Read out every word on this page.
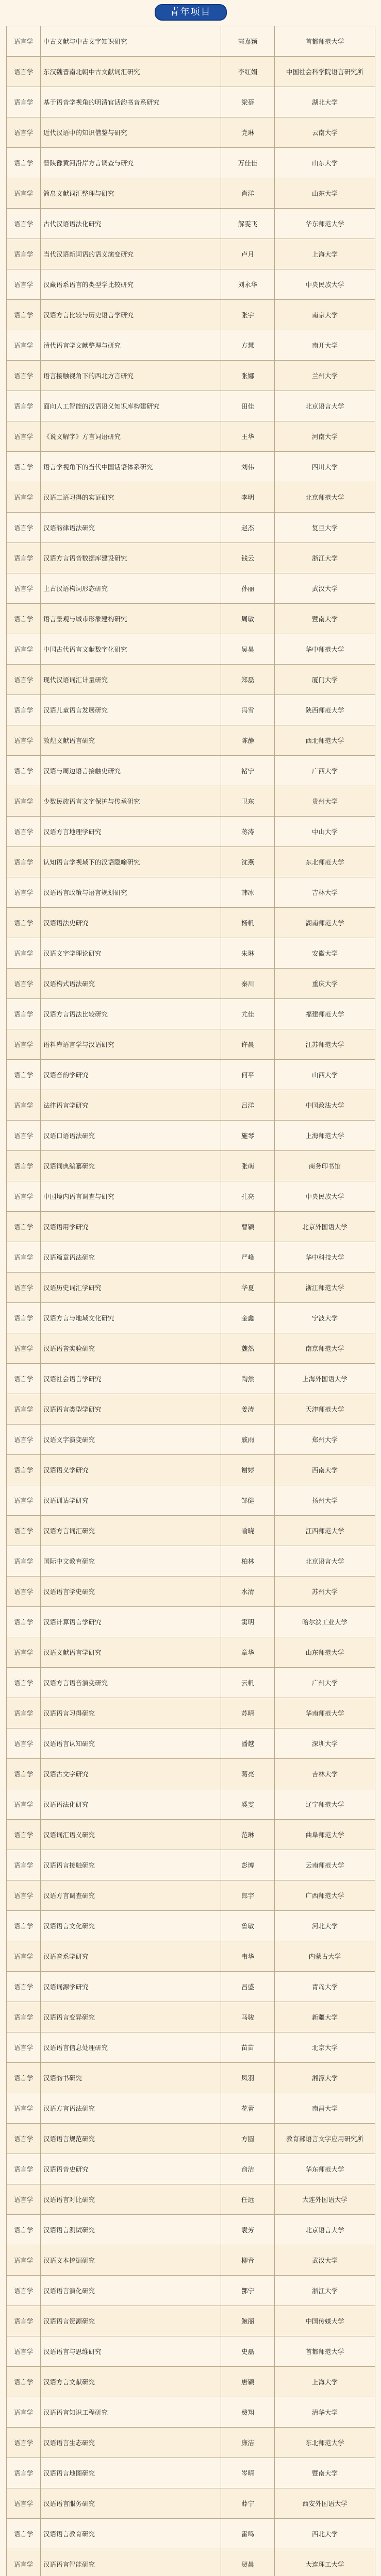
青年项目
语言学	中古文献与中古文字知识研究	郭嘉颖	首都师范大学
语言学	东汉魏晋南北朝中古文献词汇研究	李红娟	中国社会科学院语言研究所
语言学	基于语音学视角的明清官话韵书音系研究	梁蓓	湖北大学
语言学	近代汉语中的知识借鉴与研究	党琳	云南大学
语言学	晋陕豫黄河沿岸方言调查与研究	万佳佳	山东大学
语言学	简帛文献词汇整理与研究	肖洋	山东大学
语言学	古代汉语语法化研究	解雯飞	华东师范大学
语言学	当代汉语新词语的语义演变研究	卢月	上海大学
语言学	汉藏语系语言的类型学比较研究	刘永华	中央民族大学
语言学	汉语方言比较与历史语言学研究	张宇	南京大学
语言学	清代语言学文献整理与研究	方慧	南开大学
语言学	语言接触视角下的西北方言研究	张娜	兰州大学
语言学	面向人工智能的汉语语义知识库构建研究	田佳	北京语言大学
语言学	《说文解字》方言词语研究	王华	河南大学
语言学	语言学视角下的当代中国话语体系研究	刘伟	四川大学
语言学	汉语二语习得的实证研究	李明	北京师范大学
语言学	汉语韵律语法研究	赵杰	复旦大学
语言学	汉语方言语音数据库建设研究	钱云	浙江大学
语言学	上古汉语构词形态研究	孙丽	武汉大学
语言学	语言景观与城市形象建构研究	周敏	暨南大学
语言学	中国古代语言文献数字化研究	吴昊	华中师范大学
语言学	现代汉语词汇计量研究	郑磊	厦门大学
语言学	汉语儿童语言发展研究	冯雪	陕西师范大学
语言学	敦煌文献语言研究	陈静	西北师范大学
语言学	汉语与周边语言接触史研究	褚宁	广西大学
语言学	少数民族语言文字保护与传承研究	卫东	贵州大学
语言学	汉语方言地理学研究	蒋涛	中山大学
语言学	认知语言学视域下的汉语隐喻研究	沈燕	东北师范大学
语言学	汉语语言政策与语言规划研究	韩冰	吉林大学
语言学	汉语语法史研究	杨帆	湖南师范大学
语言学	汉语文字学理论研究	朱琳	安徽大学
语言学	汉语构式语法研究	秦川	重庆大学
语言学	汉语方言语法比较研究	尤佳	福建师范大学
语言学	语料库语言学与汉语研究	许晨	江苏师范大学
语言学	汉语音韵学研究	何平	山西大学
语言学	法律语言学研究	吕洋	中国政法大学
语言学	汉语口语语法研究	施琴	上海师范大学
语言学	汉语词典编纂研究	张萌	商务印书馆
语言学	中国境内语言调查与研究	孔亮	中央民族大学
语言学	汉语语用学研究	曹颖	北京外国语大学
语言学	汉语篇章语法研究	严峰	华中科技大学
语言学	汉语历史词汇学研究	华夏	浙江师范大学
语言学	汉语方言与地域文化研究	金鑫	宁波大学
语言学	汉语语音实验研究	魏然	南京师范大学
语言学	汉语社会语言学研究	陶然	上海外国语大学
语言学	汉语语言类型学研究	姜涛	天津师范大学
语言学	汉语文字演变研究	戚雨	郑州大学
语言学	汉语语义学研究	谢婷	西南大学
语言学	汉语训诂学研究	邹健	扬州大学
语言学	汉语方言词汇研究	喻晓	江西师范大学
语言学	国际中文教育研究	柏林	北京语言大学
语言学	汉语语言学史研究	水清	苏州大学
语言学	汉语计算语言学研究	窦明	哈尔滨工业大学
语言学	汉语文献语言学研究	章华	山东师范大学
语言学	汉语方言语音演变研究	云帆	广州大学
语言学	汉语语言习得研究	苏晴	华南师范大学
语言学	汉语语言认知研究	潘越	深圳大学
语言学	汉语古文字研究	葛亮	吉林大学
语言学	汉语语法化研究	奚雯	辽宁师范大学
语言学	汉语词汇语义研究	范琳	曲阜师范大学
语言学	汉语语言接触研究	彭博	云南师范大学
语言学	汉语方言调查研究	郎宇	广西师范大学
语言学	汉语语言文化研究	鲁敏	河北大学
语言学	汉语音系学研究	韦华	内蒙古大学
语言学	汉语词源学研究	昌盛	青岛大学
语言学	汉语语言变异研究	马骏	新疆大学
语言学	汉语语言信息处理研究	苗苗	北京大学
语言学	汉语韵书研究	凤羽	湘潭大学
语言学	汉语方言语法研究	花蕾	南昌大学
语言学	汉语语言规范研究	方圆	教育部语言文字应用研究所
语言学	汉语语音史研究	俞洁	华东师范大学
语言学	汉语语言对比研究	任远	大连外国语大学
语言学	汉语语言测试研究	袁芳	北京语言大学
语言学	汉语文本挖掘研究	柳青	武汉大学
语言学	汉语语言演化研究	酆宁	浙江大学
语言学	汉语语言资源研究	鲍丽	中国传媒大学
语言学	汉语语言与思维研究	史磊	首都师范大学
语言学	汉语方言文献研究	唐颖	上海大学
语言学	汉语语言知识工程研究	费翔	清华大学
语言学	汉语语言生态研究	廉洁	东北师范大学
语言学	汉语语言地图研究	岑晴	暨南大学
语言学	汉语语言服务研究	薛宁	西安外国语大学
语言学	汉语语言教育研究	雷鸣	西北大学
语言学	汉语语言智能研究	贺晨	大连理工大学
